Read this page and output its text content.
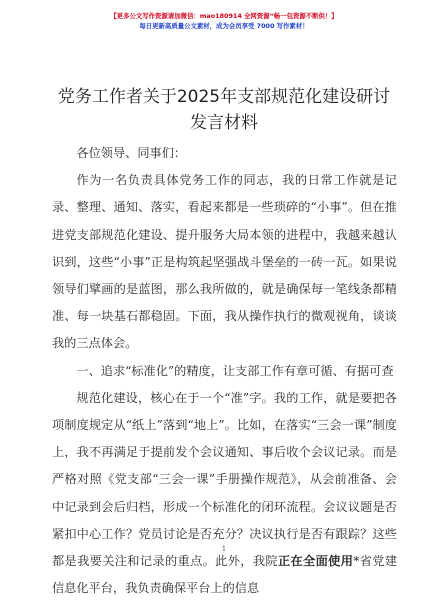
【更多公文写作资源请加微信：mao180914 全网资源“畅一包资源不断供！】
每日更新高质量公文素材，成为会员享受 7000 写作素材！
党务工作者关于2025年支部规范化建设研讨发言材料

各位领导、同事们：

作为一名负责具体党务工作的同志，我的日常工作就是记录、整理、通知、落实，看起来都是一些琐碎的“小事”。但在推进党支部规范化建设、提升服务大局本领的进程中，我越来越认识到，这些“小事”正是构筑起坚强战斗堡垒的一砖一瓦。如果说领导们擘画的是蓝图，那么我所做的，就是确保每一笔线条都精准、每一块基石都稳固。下面，我从操作执行的微观视角，谈谈我的三点体会。

一、追求“标准化”的精度，让支部工作有章可循、有据可查

规范化建设，核心在于一个“准”字。我的工作，就是要把各项制度规定从“纸上”落到“地上”。比如，在落实“三会一课”制度上，我不再满足于提前发个会议通知、事后收个会议记录。而是严格对照《党支部“三会一课”手册操作规范》，从会前准备、会中记录到会后归档，形成一个标准化的闭环流程。会议议题是否紧扣中心工作？党员讨论是否充分？决议执行是否有跟踪？这些都是我要关注和记录的重点。此外，我院正在全面使用*省党建信息化平台，我负责确保平台上的信息

1
